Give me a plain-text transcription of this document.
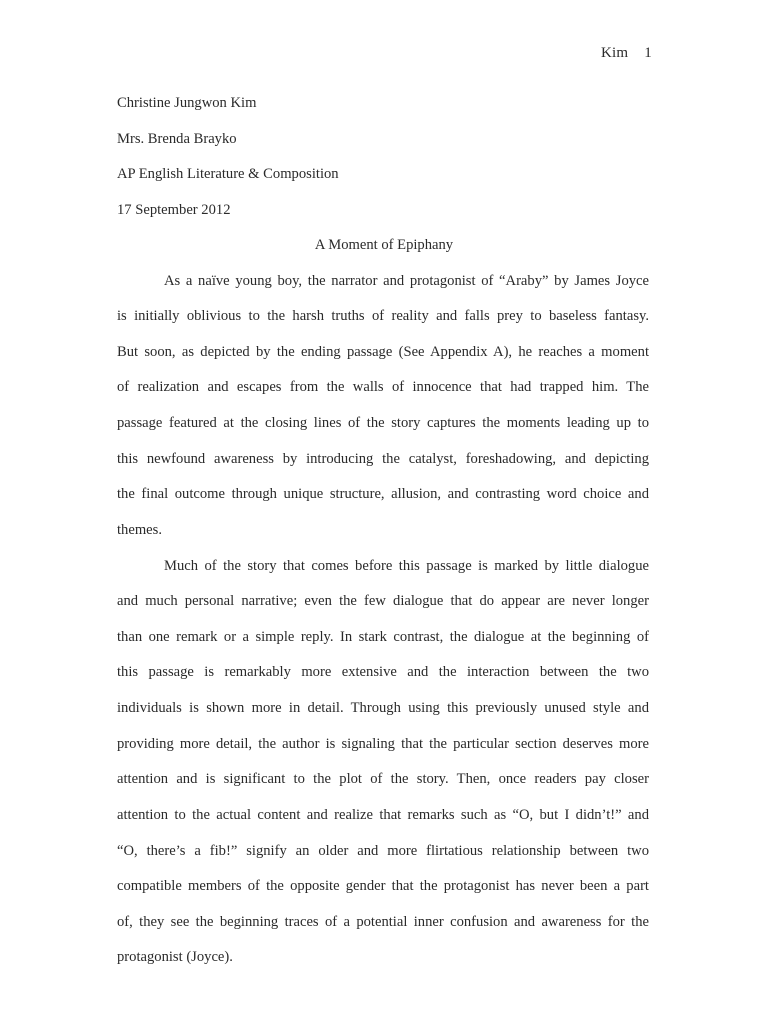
Kim 1
Christine Jungwon Kim
Mrs. Brenda Brayko
AP English Literature & Composition
17 September 2012
A Moment of Epiphany
As a naïve young boy, the narrator and protagonist of “Araby” by James Joyce
is initially oblivious to the harsh truths of reality and falls prey to baseless fantasy.
But soon, as depicted by the ending passage (See Appendix A), he reaches a moment
of realization and escapes from the walls of innocence that had trapped him. The
passage featured at the closing lines of the story captures the moments leading up to
this newfound awareness by introducing the catalyst, foreshadowing, and depicting
the final outcome through unique structure, allusion, and contrasting word choice and
themes.
Much of the story that comes before this passage is marked by little dialogue
and much personal narrative; even the few dialogue that do appear are never longer
than one remark or a simple reply. In stark contrast, the dialogue at the beginning of
this passage is remarkably more extensive and the interaction between the two
individuals is shown more in detail. Through using this previously unused style and
providing more detail, the author is signaling that the particular section deserves more
attention and is significant to the plot of the story. Then, once readers pay closer
attention to the actual content and realize that remarks such as “O, but I didn’t!” and
“O, there’s a fib!” signify an older and more flirtatious relationship between two
compatible members of the opposite gender that the protagonist has never been a part
of, they see the beginning traces of a potential inner confusion and awareness for the
protagonist (Joyce).
